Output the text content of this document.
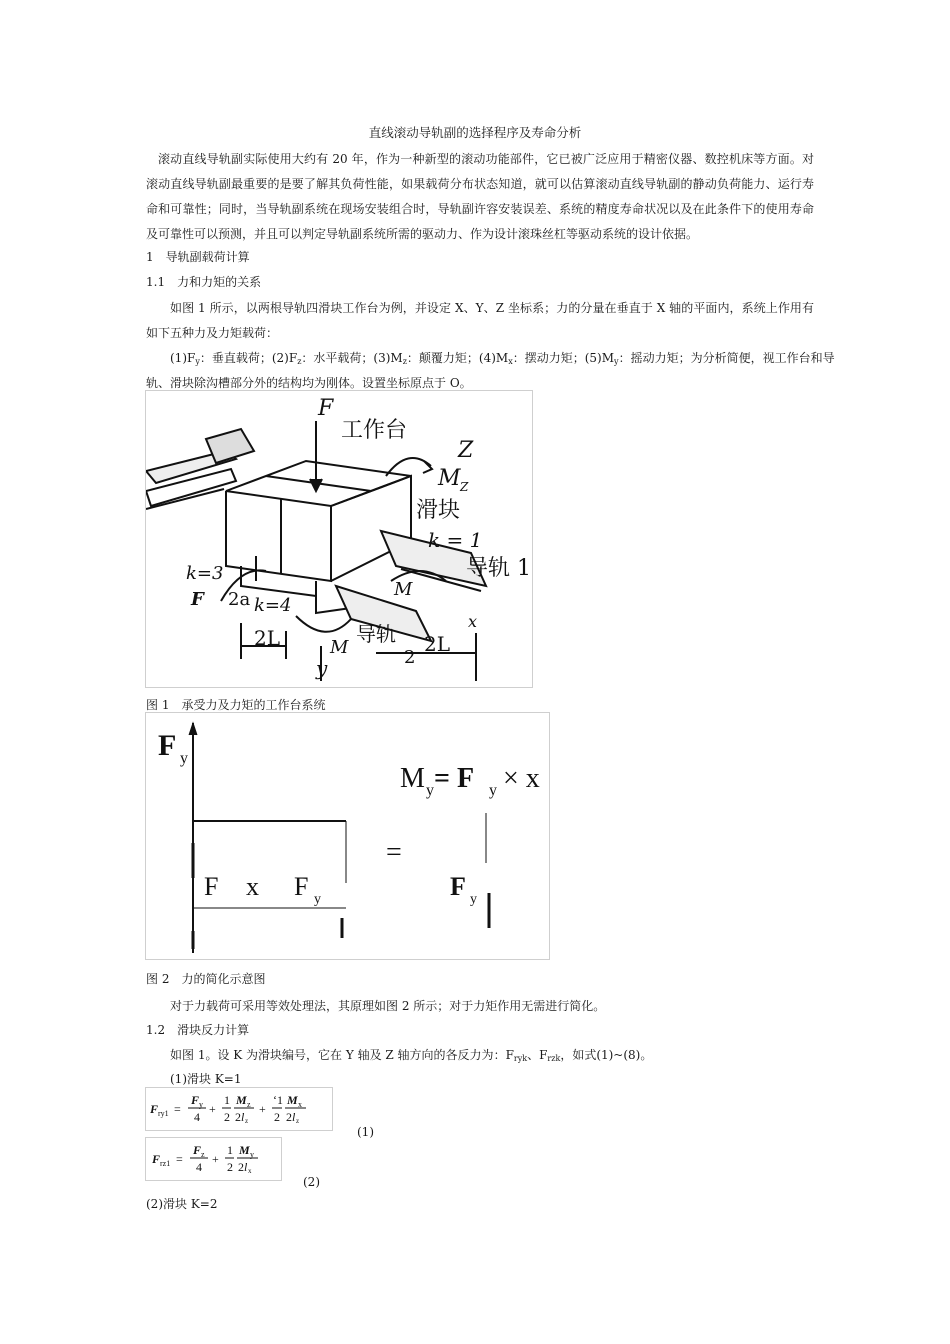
直线滚动导轨副的选择程序及寿命分析
滚动直线导轨副实际使用大约有 20 年，作为一种新型的滚动功能部件，它已被广泛应用于精密仪器、数控机床等方面。对滚动直线导轨副最重要的是要了解其负荷性能，如果载荷分布状态知道，就可以估算滚动直线导轨副的静动负荷能力、运行寿命和可靠性；同时，当导轨副系统在现场安装组合时，导轨副许容安装误差、系统的精度寿命状况以及在此条件下的使用寿命及可靠性可以预测，并且可以判定导轨副系统所需的驱动力、作为设计滚珠丝杠等驱动系统的设计依据。
1　导轨副载荷计算
1.1　力和力矩的关系
如图 1 所示，以两根导轨四滑块工作台为例，并设定 X、Y、Z 坐标系；力的分量在垂直于 X 轴的平面内，系统上作用有如下五种力及力矩载荷：
$(1)F_y$：垂直载荷；$(2)F_z$：水平载荷；$(3)M_z$：颠覆力矩；$(4)M_x$：摆动力矩；$(5)M_y$：摇动力矩；为分析简便，视工作台和导
轨、滑块除沟槽部分外的结构均为刚体。设置坐标原点于 O。
F
工作台
Z
M Z
滑块
k = 1
导轨 1
k=3
F 2a k=4
M
x
2L
y
M
导轨
2
2L
图 1　承受力及力矩的工作台系统
F y
M y = F y × x
F x F y
=
F y
图 2　力的简化示意图
对于力载荷可采用等效处理法，其原理如图 2 所示；对于力矩作用无需进行简化。
1.2　滑块反力计算
如图 1。设 K 为滑块编号，它在 Y 轴及 Z 轴方向的各反力为：$F_{ryk}$、$F_{rzk}$，如式(1)~(8)。
(1)滑块 K=1
F ry1 =
F y
4
+
1
2
M z
2 l z
+
‘1
2
M x
2 l z
(1)
F rz1 =
F z
4
+
1
2
M y
2 l x
(2)
(2)滑块 K=2
